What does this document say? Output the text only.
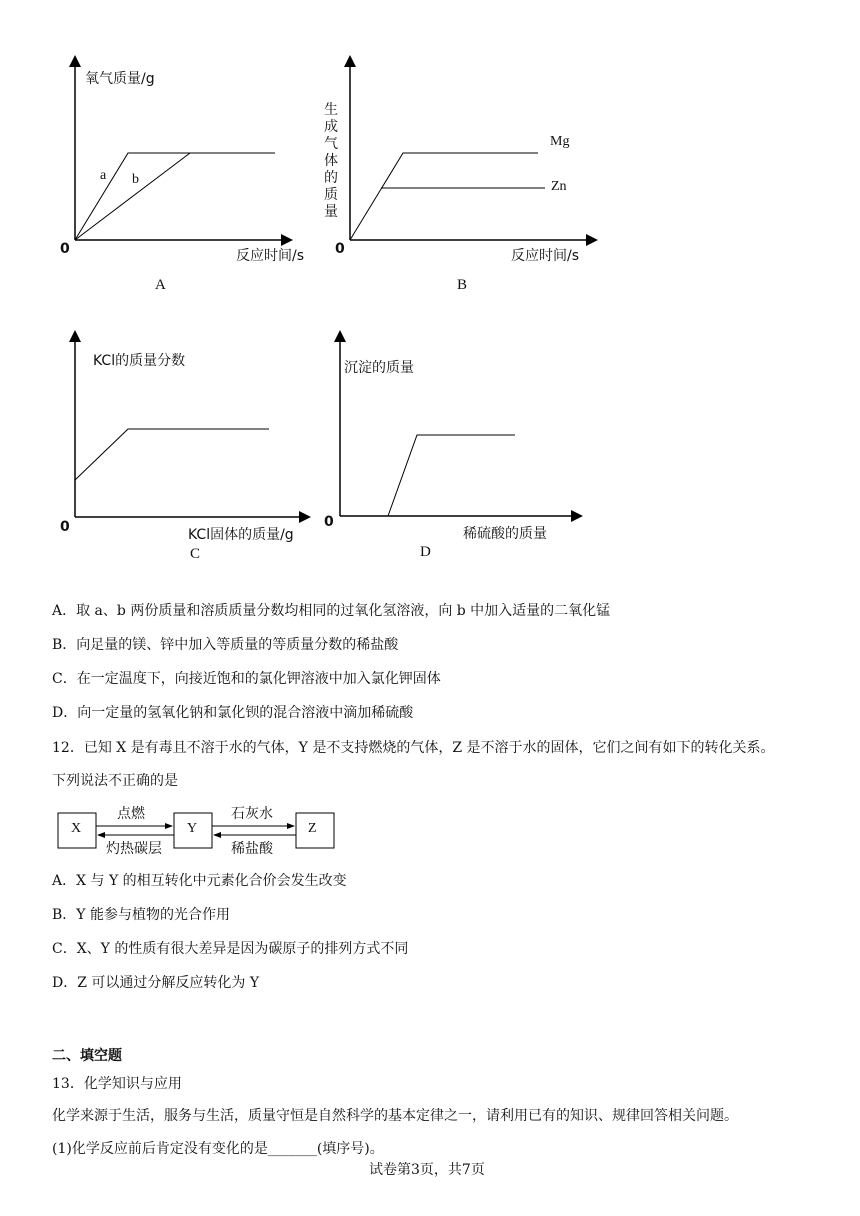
氧气质量/g
0	反应时间/s
a b
A
生成气体的质量
0	反应时间/s
Mg
Zn
B
KCl的质量分数
0	KCl固体的质量/g
C
沉淀的质量
0
稀硫酸的质量
D
A．取 a、b 两份质量和溶质质量分数均相同的过氧化氢溶液，向 b 中加入适量的二氧化锰
B．向足量的镁、锌中加入等质量的等质量分数的稀盐酸
C．在一定温度下，向接近饱和的氯化钾溶液中加入氯化钾固体
D．向一定量的氢氧化钠和氯化钡的混合溶液中滴加稀硫酸
12．已知 X 是有毒且不溶于水的气体，Y 是不支持燃烧的气体，Z 是不溶于水的固体，它们之间有如下的转化关系。
下列说法不正确的是
X	Y	Z
点燃
灼热碳层
石灰水
稀盐酸
A．X 与 Y 的相互转化中元素化合价会发生改变
B．Y 能参与植物的光合作用
C．X、Y 的性质有很大差异是因为碳原子的排列方式不同
D．Z 可以通过分解反应转化为 Y
二、填空题
13．化学知识与应用
化学来源于生活，服务与生活，质量守恒是自然科学的基本定律之一，请利用已有的知识、规律回答相关问题。
(1)化学反应前后肯定没有变化的是_______(填序号)。
试卷第3页，共7页
